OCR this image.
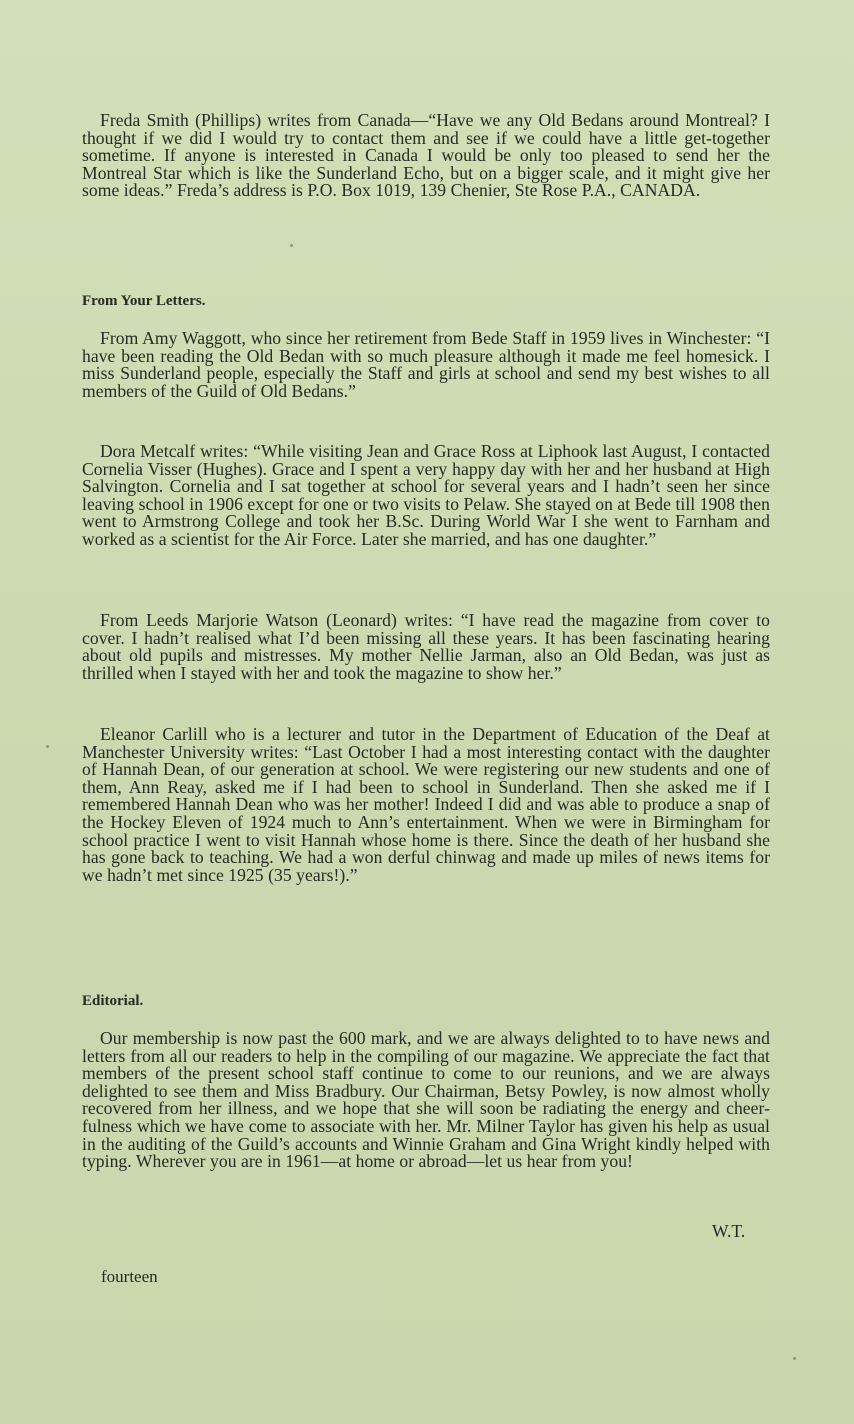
Freda Smith (Phillips) writes from Canada—“Have we any Old Bedans around Montreal? I thought if we did I would try to contact them and see if we could have a little get-together sometime. If anyone is interested in Canada I would be only too pleased to send her the Montreal Star which is like the Sunderland Echo, but on a bigger scale, and it might give her some ideas.” Freda’s address is P.O. Box 1019, 139 Chenier, Ste Rose P.A., CANADA.

From Your Letters.

From Amy Waggott, who since her retirement from Bede Staff in 1959 lives in Winchester: “I have been reading the Old Bedan with so much pleasure although it made me feel homesick. I miss Sunderland people, especially the Staff and girls at school and send my best wishes to all members of the Guild of Old Bedans.”

Dora Metcalf writes: “While visiting Jean and Grace Ross at Liphook last August, I contacted Cornelia Visser (Hughes). Grace and I spent a very happy day with her and her husband at High Salvington. Cornelia and I sat together at school for several years and I hadn’t seen her since leaving school in 1906 except for one or two visits to Pelaw. She stayed on at Bede till 1908 then went to Armstrong College and took her B.Sc. During World War I she went to Farnham and worked as a scientist for the Air Force. Later she married, and has one daughter.”

From Leeds Marjorie Watson (Leonard) writes: “I have read the magazine from cover to cover. I hadn’t realised what I’d been missing all these years. It has been fascinating hearing about old pupils and mistresses. My mother Nellie Jarman, also an Old Bedan, was just as thrilled when I stayed with her and took the magazine to show her.”

Eleanor Carlill who is a lecturer and tutor in the Department of Education of the Deaf at Manchester University writes: “Last October I had a most interesting contact with the daughter of Hannah Dean, of our generation at school. We were registering our new students and one of them, Ann Reay, asked me if I had been to school in Sunderland. Then she asked me if I remembered Hannah Dean who was her mother! Indeed I did and was able to produce a snap of the Hockey Eleven of 1924 much to Ann’s entertainment. When we were in Birmingham for school practice I went to visit Hannah whose home is there. Since the death of her husband she has gone back to teaching. We had a won derful chinwag and made up miles of news items for we hadn’t met since 1925 (35 years!).”

Editorial.

Our membership is now past the 600 mark, and we are always delighted to to have news and letters from all our readers to help in the compiling of our magazine. We appreciate the fact that members of the present school staff continue to come to our reunions, and we are always delighted to see them and Miss Bradbury. Our Chairman, Betsy Powley, is now almost wholly recovered from her illness, and we hope that she will soon be radiating the energy and cheer-fulness which we have come to associate with her. Mr. Milner Taylor has given his help as usual in the auditing of the Guild’s accounts and Winnie Graham and Gina Wright kindly helped with typing. Wherever you are in 1961—at home or abroad—let us hear from you!

W.T.

fourteen
